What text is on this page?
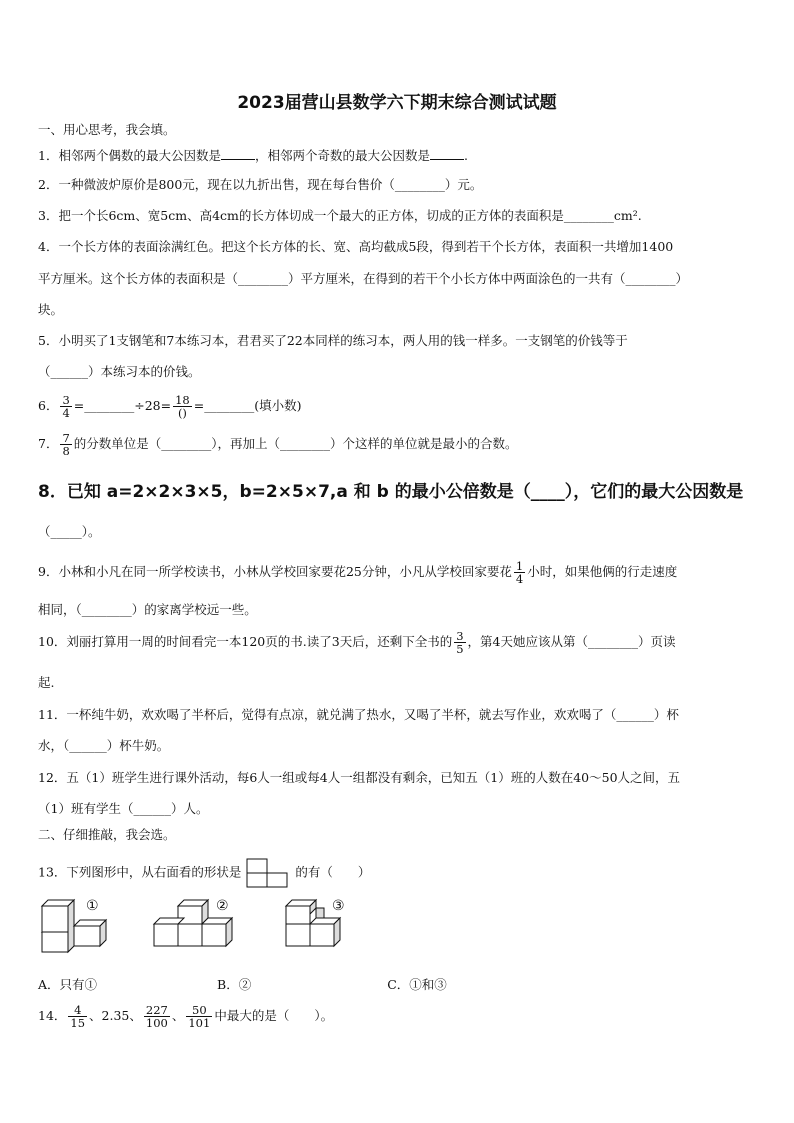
2023届营山县数学六下期末综合测试试题
一、用心思考，我会填。
1．相邻两个偶数的最大公因数是	，相邻两个奇数的最大公因数是	.
2．一种微波炉原价是800元，现在以九折出售，现在每台售价（________）元。
3．把一个长6cm、宽5cm、高4cm的长方体切成一个最大的正方体，切成的正方体的表面积是________cm².
4．一个长方体的表面涂满红色。把这个长方体的长、宽、高均截成5段，得到若干个长方体，表面积一共增加1400
平方厘米。这个长方体的表面积是（________）平方厘米，在得到的若干个小长方体中两面涂色的一共有（________）
块。
5．小明买了1支钢笔和7本练习本，君君买了22本同样的练习本，两人用的钱一样多。一支钢笔的价钱等于
（______）本练习本的价钱。
6． $\frac{3}{4}$ =________÷28= $\frac{18}{()}$ =________(填小数)
7． $\frac{7}{8}$ 的分数单位是（________），再加上（________）个这样的单位就是最小的合数。
8．已知 a=2×2×3×5，b=2×5×7,a 和 b 的最小公倍数是（____），它们的最大公因数是
（_____）。
9．小林和小凡在同一所学校读书，小林从学校回家要花25分钟，小凡从学校回家要花 $\frac{1}{4}$ 小时，如果他俩的行走速度
相同，（________）的家离学校远一些。
10．刘丽打算用一周的时间看完一本120页的书.读了3天后，还剩下全书的 $\frac{3}{5}$ ，第4天她应该从第（________）页读
起.
11．一杯纯牛奶，欢欢喝了半杯后，觉得有点凉，就兑满了热水，又喝了半杯，就去写作业，欢欢喝了（______）杯
水，（______）杯牛奶。
12．五（1）班学生进行课外活动，每6人一组或每4人一组都没有剩余，已知五（1）班的人数在40～50人之间，五
（1）班有学生（______）人。
二、仔细推敲，我会选。
13．下列图形中，从右面看的形状是	的有（　　）
①	②	③
A．只有①	B．②	C．①和③
14． $\frac{4}{15}$ 、2.35、 $\frac{227}{100}$ 、 $\frac{50}{101}$ 中最大的是（　　）。
